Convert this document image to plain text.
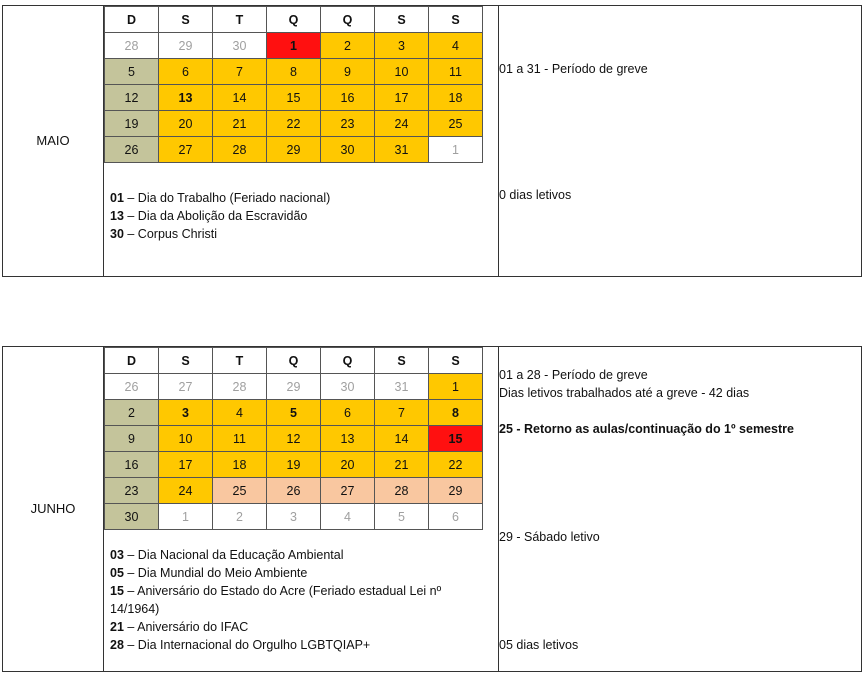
MAIO
D	S	T	Q	Q	S	S
28	29	30	1	2	3	4
5	6	7	8	9	10	11
12	13	14	15	16	17	18
19	20	21	22	23	24	25
26	27	28	29	30	31	1
01 – Dia do Trabalho (Feriado nacional)
13 – Dia da Abolição da Escravidão
30 – Corpus Christi
01 a 31 - Período de greve
0 dias letivos
JUNHO
D	S	T	Q	Q	S	S
26	27	28	29	30	31	1
2	3	4	5	6	7	8
9	10	11	12	13	14	15
16	17	18	19	20	21	22
23	24	25	26	27	28	29
30	1	2	3	4	5	6
03 – Dia Nacional da Educação Ambiental
05 – Dia Mundial do Meio Ambiente
15 – Aniversário do Estado do Acre (Feriado estadual Lei nº 14/1964)
21 – Aniversário do IFAC
28 – Dia Internacional do Orgulho LGBTQIAP+
01 a 28 - Período de greve
Dias letivos trabalhados até a greve - 42 dias
25 - Retorno as aulas/continuação do 1º semestre
29 - Sábado letivo
05 dias letivos
